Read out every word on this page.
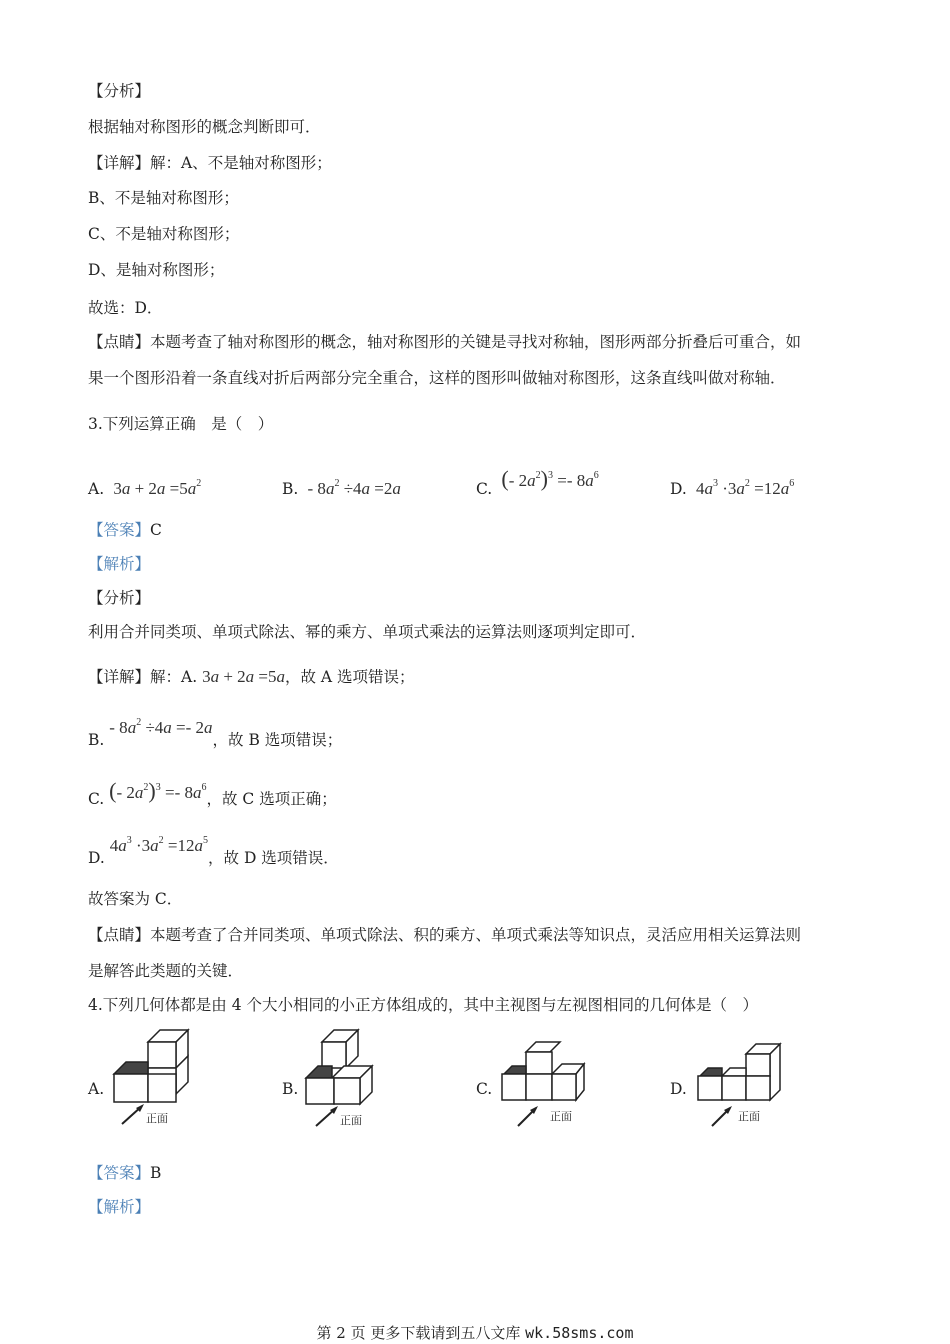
【分析】
根据轴对称图形的概念判断即可．
【详解】解：A、不是轴对称图形；
B、不是轴对称图形；
C、不是轴对称图形；
D、是轴对称图形；
故选：D．
【点睛】本题考查了轴对称图形的概念，轴对称图形的关键是寻找对称轴，图形两部分折叠后可重合，如
果一个图形沿着一条直线对折后两部分完全重合，这样的图形叫做轴对称图形，这条直线叫做对称轴．
3.下列运算正确　是（　）
A.  $3a + 2a =5a^2$	B.  - $8a^2 \div 4a =2a$	C. (- $2a^2)^3 =- 8a^6$
D.  $4a^3 \cdot 3a^2 =12a^6$
【答案】C
【解析】
【分析】
利用合并同类项、单项式除法、幂的乘方、单项式乘法的运算法则逐项判定即可．
【详解】解：A. 3a + 2a =5a，故 A 选项错误；
B. - $8a^2 \div 4a =- 2a$，故 B 选项错误；
C. (- $2a^2)^3 =- 8a^6$，故 C 选项正确；
D. $4a^3 \cdot 3a^2 =12a^5$，故 D 选项错误．
故答案为 C．
【点睛】本题考查了合并同类项、单项式除法、积的乘方、单项式乘法等知识点，灵活应用相关运算法则
是解答此类题的关键．
4.下列几何体都是由 4 个大小相同的小正方体组成的，其中主视图与左视图相同的几何体是（　）
A.	B.	C.	D.
正面	正面	正面	正面
【答案】B
【解析】
第 2 页 更多下载请到五八文库 wk.58sms.com
